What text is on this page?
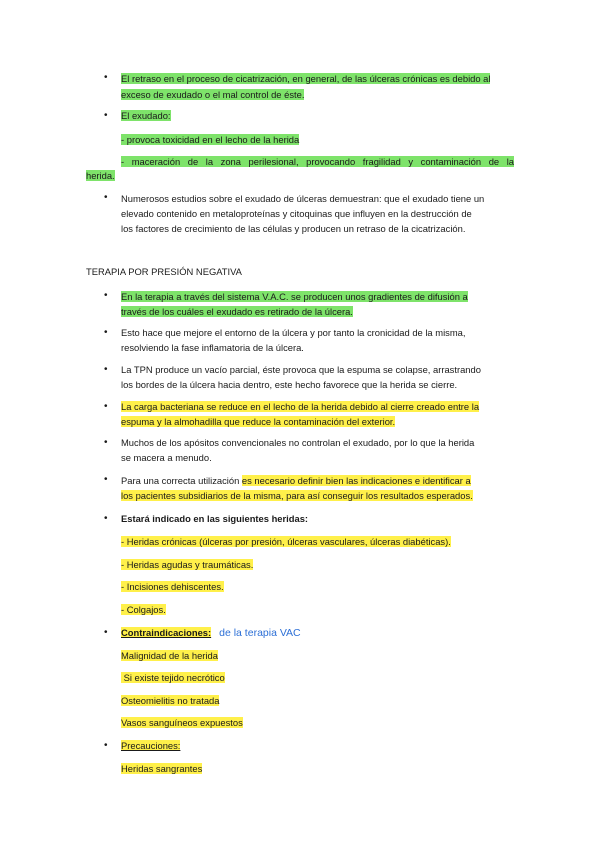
• El retraso en el proceso de cicatrización, en general, de las úlceras crónicas es debido al
exceso de exudado o el mal control de éste.
• El exudado:
- provoca toxicidad en el lecho de la herida
- maceración de la zona perilesional, provocando fragilidad y contaminación de la
herida.
• Numerosos estudios sobre el exudado de úlceras demuestran: que el exudado tiene un
elevado contenido en metaloproteínas y citoquinas que influyen en la destrucción de
los factores de crecimiento de las células y producen un retraso de la cicatrización.
TERAPIA POR PRESIÓN NEGATIVA
• En la terapia a través del sistema V.A.C. se producen unos gradientes de difusión a
través de los cuáles el exudado es retirado de la úlcera.
• Esto hace que mejore el entorno de la úlcera y por tanto la cronicidad de la misma,
resolviendo la fase inflamatoria de la úlcera.
• La TPN produce un vacío parcial, éste provoca que la espuma se colapse, arrastrando
los bordes de la úlcera hacia dentro, este hecho favorece que la herida se cierre.
• La carga bacteriana se reduce en el lecho de la herida debido al cierre creado entre la
espuma y la almohadilla que reduce la contaminación del exterior.
• Muchos de los apósitos convencionales no controlan el exudado, por lo que la herida
se macera a menudo.
• Para una correcta utilización es necesario definir bien las indicaciones e identificar a
los pacientes subsidiarios de la misma, para así conseguir los resultados esperados.
• Estará indicado en las siguientes heridas:
- Heridas crónicas (úlceras por presión, úlceras vasculares, úlceras diabéticas).
- Heridas agudas y traumáticas.
- Incisiones dehiscentes.
- Colgajos.
• Contraindicaciones: de la terapia VAC
Malignidad de la herida
Si existe tejido necrótico
Osteomielitis no tratada
Vasos sanguíneos expuestos
• Precauciones:
Heridas sangrantes
